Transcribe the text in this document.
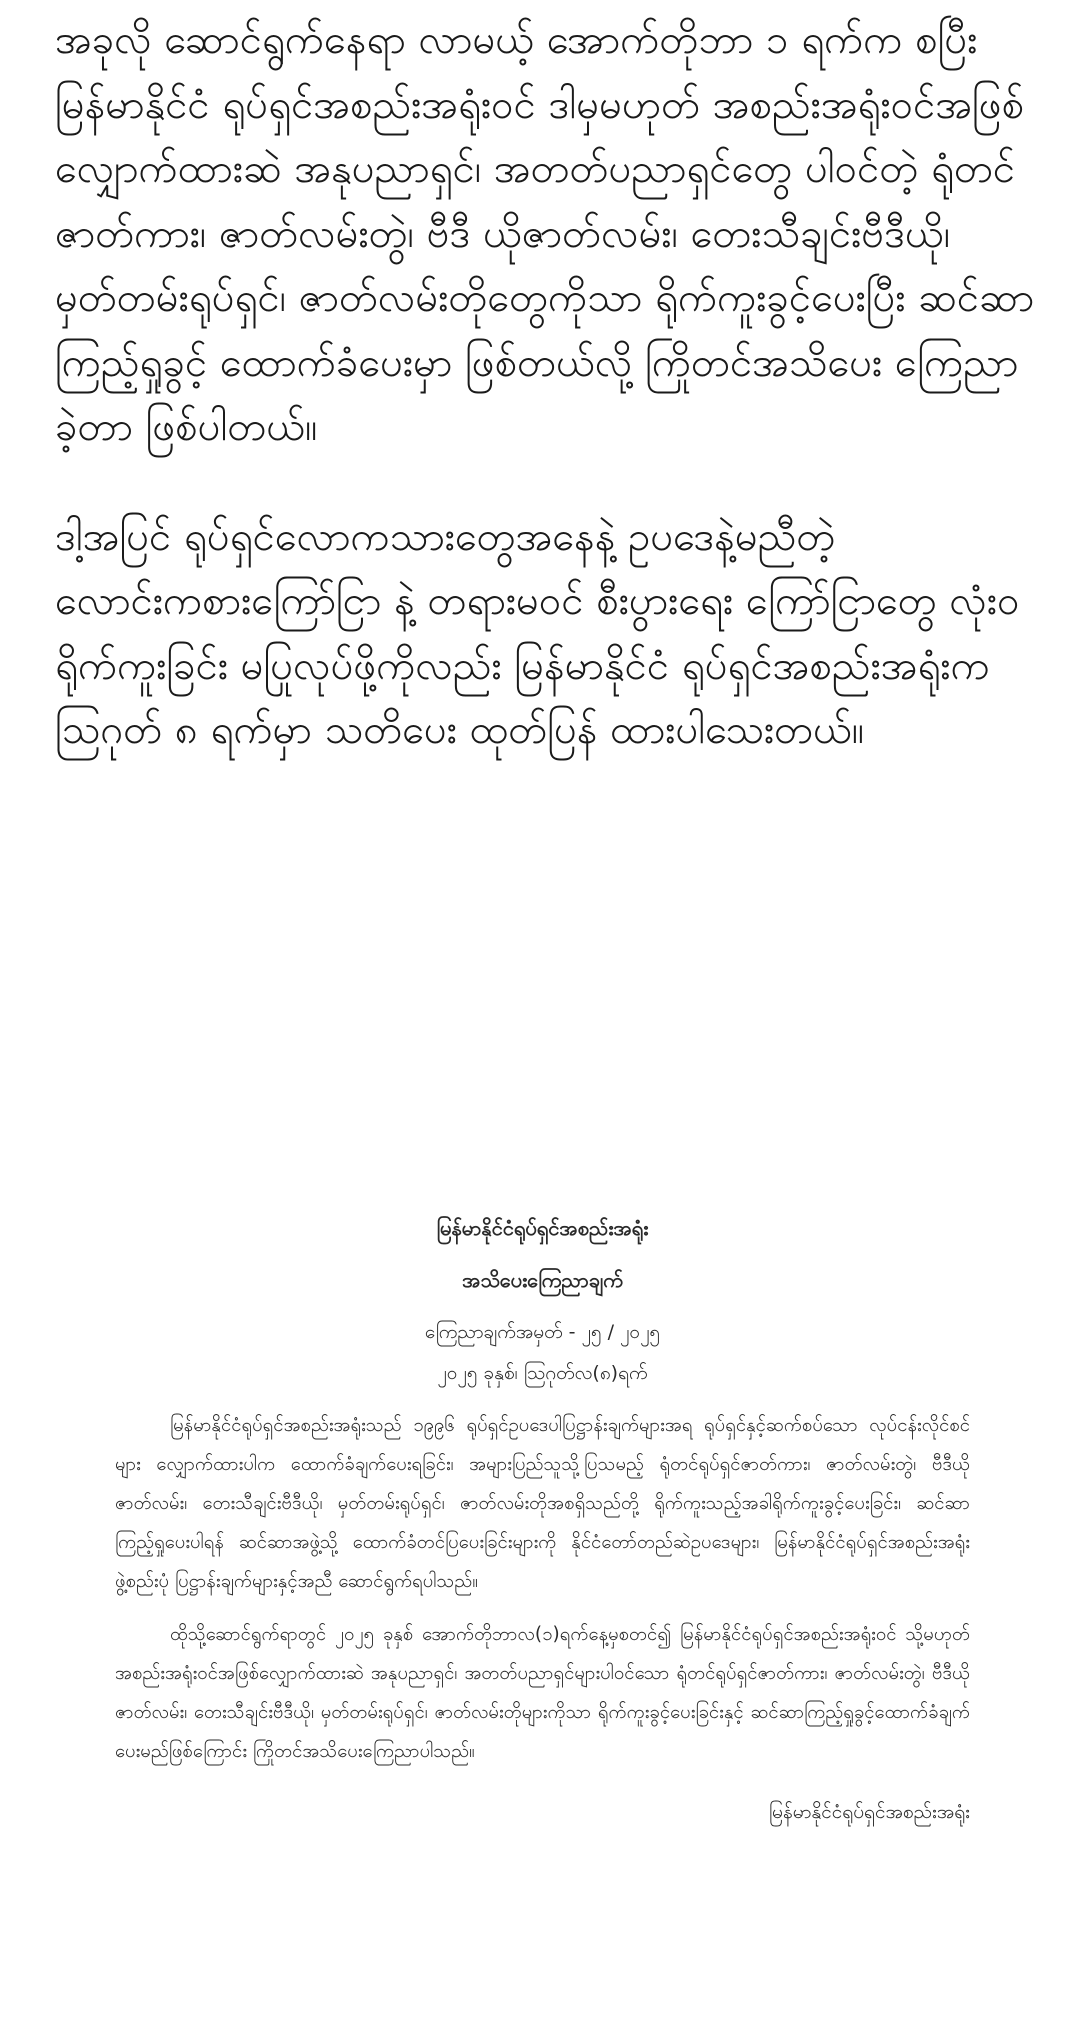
အခုလို ဆောင်ရွက်နေရာ လာမယ့် အောက်တိုဘာ ၁ ရက်က စပြီး မြန်မာနိုင်ငံ ရုပ်ရှင်အစည်းအရုံးဝင် ဒါမှမဟုတ် အစည်းအရုံးဝင်အဖြစ် လျှောက်ထားဆဲ အနုပညာရှင်၊ အတတ်ပညာရှင်တွေ ပါဝင်တဲ့ ရုံတင်ဇာတ်ကား၊ ဇာတ်လမ်းတွဲ၊ ဗီဒီ ယိုဇာတ်လမ်း၊ တေးသီချင်းဗီဒီယို၊ မှတ်တမ်းရုပ်ရှင်၊ ဇာတ်လမ်းတိုတွေကိုသာ ရိုက်ကူးခွင့်ပေးပြီး ဆင်ဆာကြည့်ရှုခွင့် ထောက်ခံပေးမှာ ဖြစ်တယ်လို့ ကြိုတင်အသိပေး ကြေညာခဲ့တာ ဖြစ်ပါတယ်။

ဒါ့အပြင် ရုပ်ရှင်လောကသားတွေအနေနဲ့ ဥပဒေနဲ့မညီတဲ့ လောင်းကစားကြော်ငြာ နဲ့ တရားမဝင် စီးပွားရေး ကြော်ငြာတွေ လုံးဝ ရိုက်ကူးခြင်း မပြုလုပ်ဖို့ကိုလည်း မြန်မာနိုင်ငံ ရုပ်ရှင်အစည်းအရုံးက ဩဂုတ် ၈ ရက်မှာ သတိပေး ထုတ်ပြန် ထားပါသေးတယ်။

မြန်မာနိုင်ငံရုပ်ရှင်အစည်းအရုံး

အသိပေးကြေညာချက်

ကြေညာချက်အမှတ် - ၂၅ / ၂၀၂၅

၂၀၂၅ ခုနှစ်၊ ဩဂုတ်လ(၈)ရက်

မြန်မာနိုင်ငံရုပ်ရှင်အစည်းအရုံးသည် ၁၉၉၆ ရုပ်ရှင်ဥပဒေပါပြဋ္ဌာန်းချက်များအရ ရုပ်ရှင်နှင့်ဆက်စပ်သော လုပ်ငန်းလိုင်စင်များ လျှောက်ထားပါက ထောက်ခံချက်ပေးရခြင်း၊ အများပြည်သူသို့ပြသမည့် ရုံတင်ရုပ်ရှင်ဇာတ်ကား၊ ဇာတ်လမ်းတွဲ၊ ဗီဒီယိုဇာတ်လမ်း၊ တေးသီချင်းဗီဒီယို၊ မှတ်တမ်းရုပ်ရှင်၊ ဇာတ်လမ်းတိုအစရှိသည်တို့ ရိုက်ကူးသည့်အခါရိုက်ကူးခွင့်ပေးခြင်း၊ ဆင်ဆာကြည့်ရှုပေးပါရန် ဆင်ဆာအဖွဲ့သို့ ထောက်ခံတင်ပြပေးခြင်းများကို နိုင်ငံတော်တည်ဆဲဥပဒေများ၊ မြန်မာနိုင်ငံရုပ်ရှင်အစည်းအရုံးဖွဲ့စည်းပုံ ပြဋ္ဌာန်းချက်များနှင့်အညီ ဆောင်ရွက်ရပါသည်။

ထိုသို့ဆောင်ရွက်ရာတွင် ၂၀၂၅ ခုနှစ် အောက်တိုဘာလ(၁)ရက်နေ့မှစတင်၍ မြန်မာနိုင်ငံရုပ်ရှင်အစည်းအရုံးဝင် သို့မဟုတ် အစည်းအရုံးဝင်အဖြစ်လျှောက်ထားဆဲ အနုပညာရှင်၊ အတတ်ပညာရှင်များပါဝင်သော ရုံတင်ရုပ်ရှင်ဇာတ်ကား၊ ဇာတ်လမ်းတွဲ၊ ဗီဒီယို ဇာတ်လမ်း၊ တေးသီချင်းဗီဒီယို၊ မှတ်တမ်းရုပ်ရှင်၊ ဇာတ်လမ်းတိုများကိုသာ ရိုက်ကူးခွင့်ပေးခြင်းနှင့် ဆင်ဆာကြည့်ရှုခွင့်ထောက်ခံချက်ပေးမည်ဖြစ်ကြောင်း ကြိုတင်အသိပေးကြေညာပါသည်။

မြန်မာနိုင်ငံရုပ်ရှင်အစည်းအရုံး
